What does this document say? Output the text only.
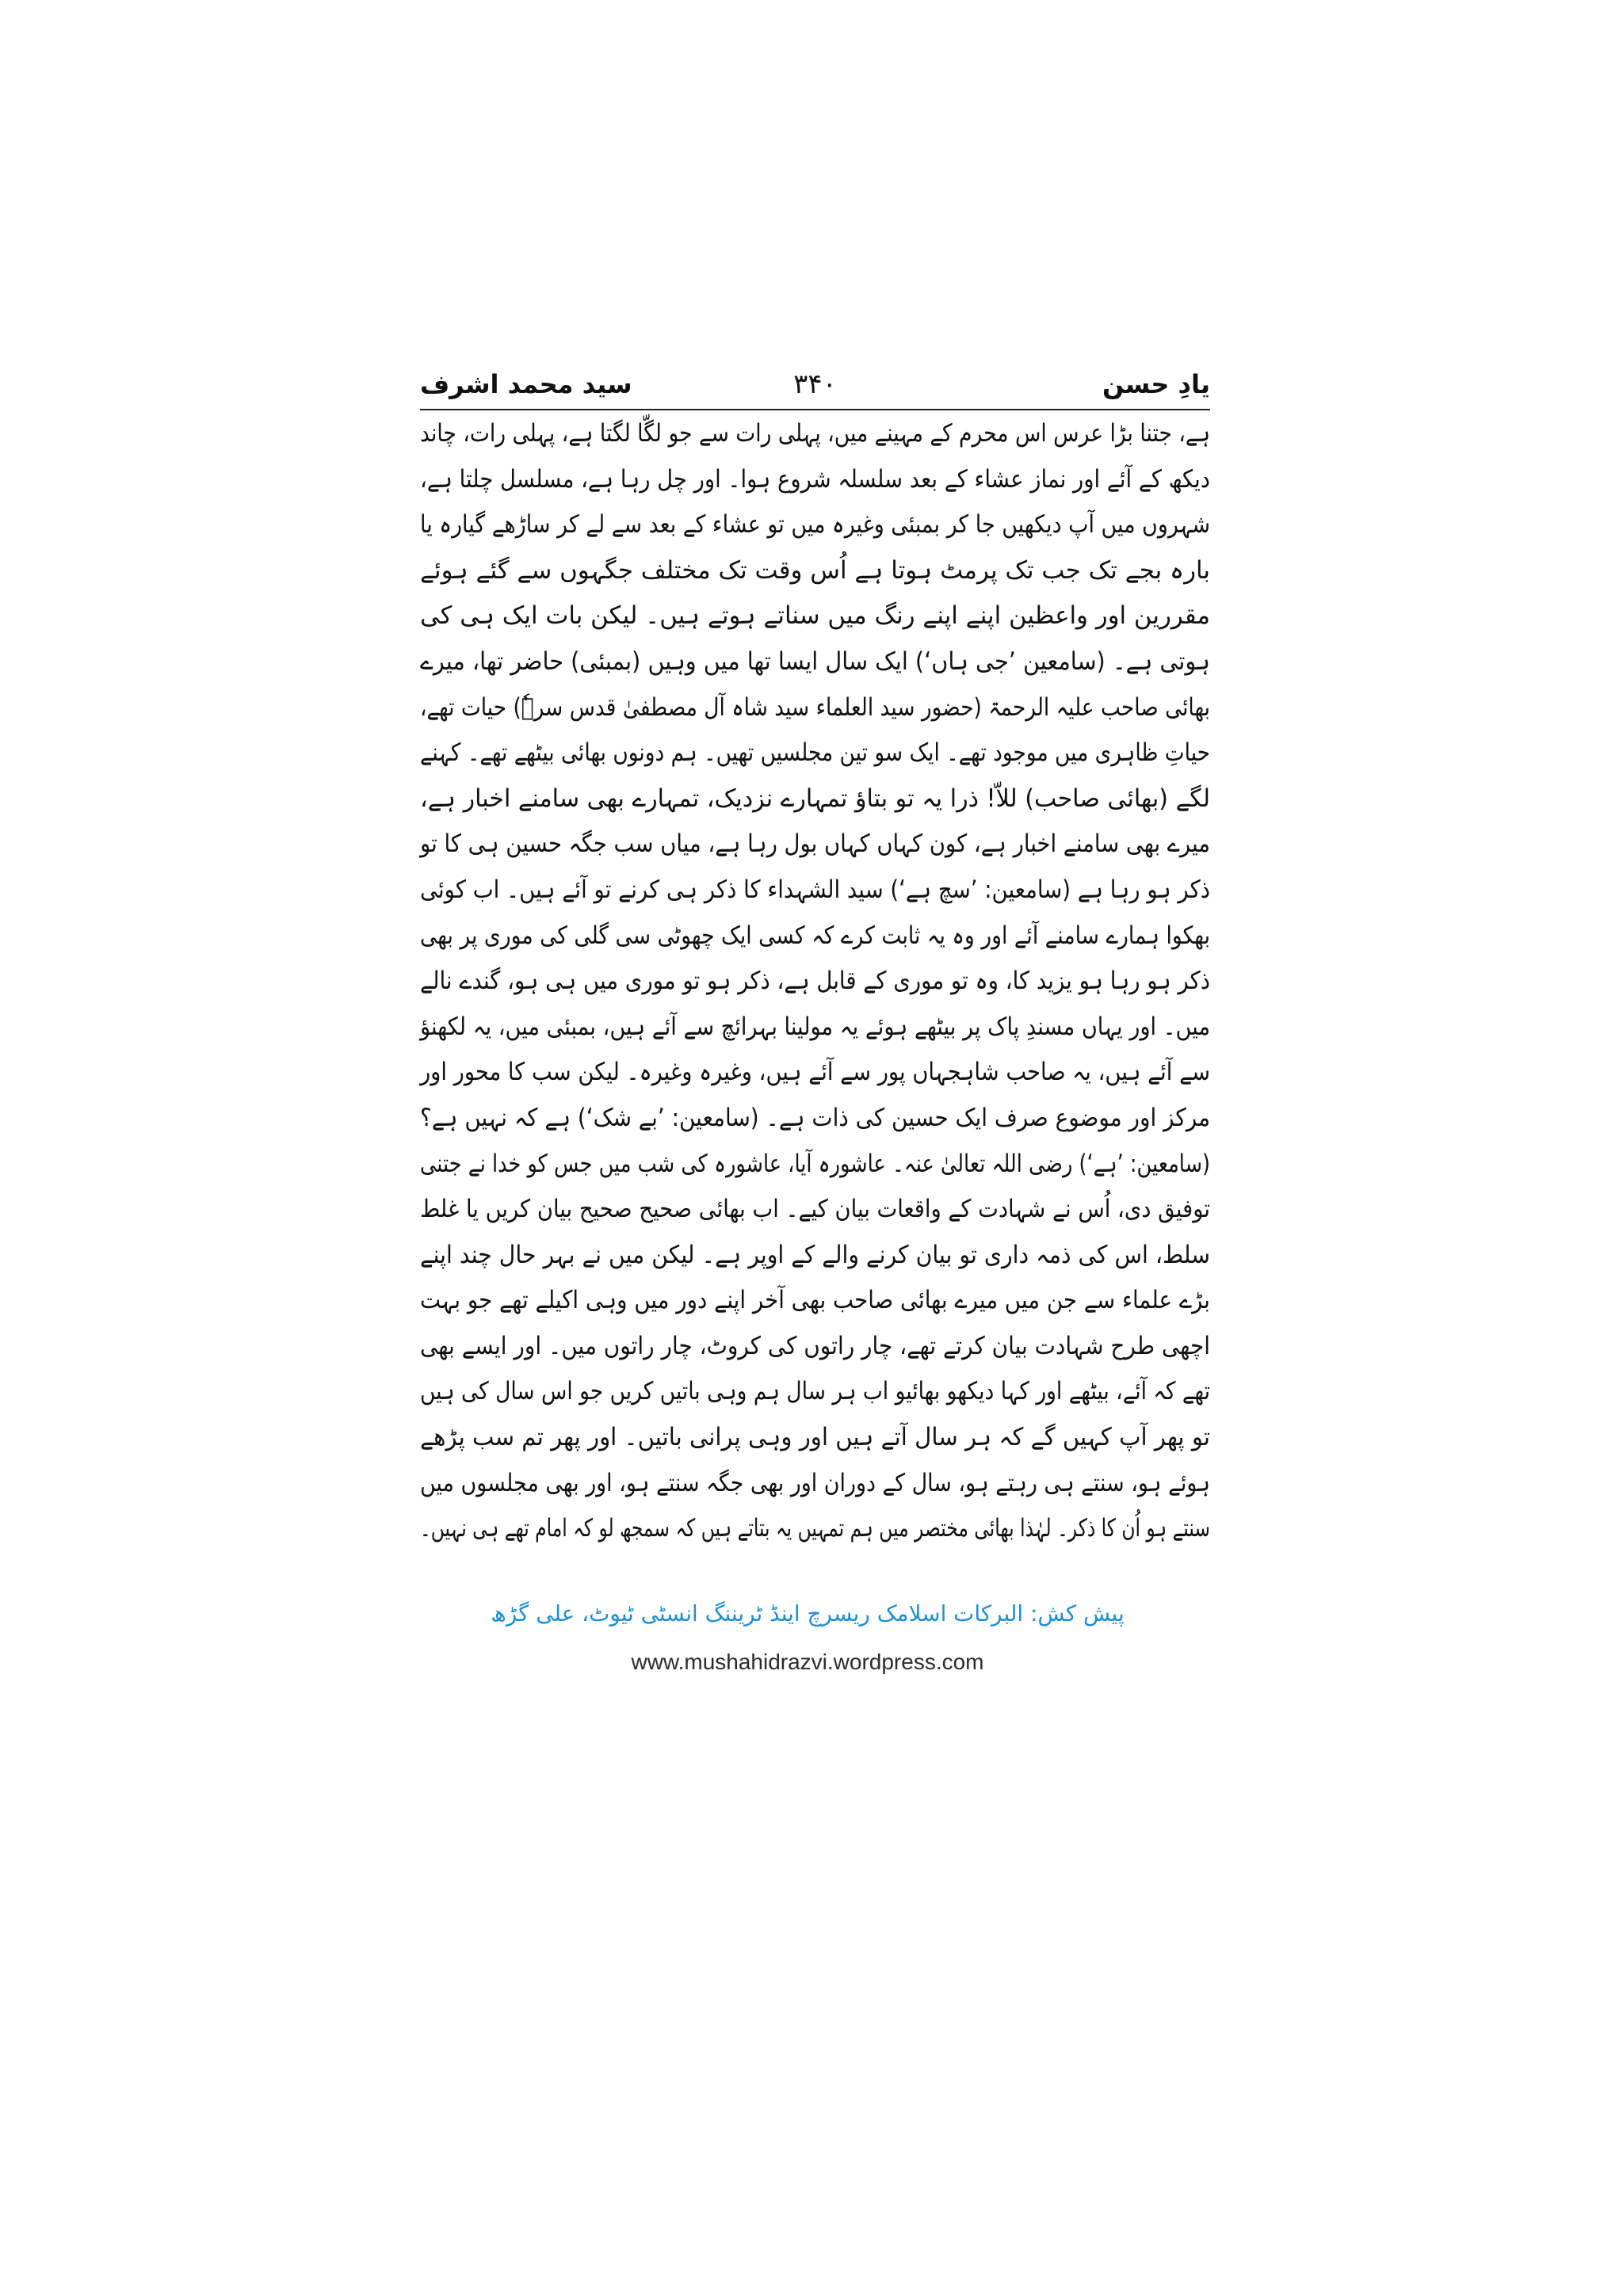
یادِ حسن
۳۴۰
سید محمد اشرف
ہے، جتنا بڑا عرس اس محرم کے مہینے میں، پہلی رات سے جو لگّا لگتا ہے، پہلی رات، چاند
دیکھ کے آئے اور نماز عشاء کے بعد سلسلہ شروع ہوا۔ اور چل رہا ہے، مسلسل چلتا ہے،
شہروں میں آپ دیکھیں جا کر بمبئی وغیرہ میں تو عشاء کے بعد سے لے کر ساڑھے گیارہ یا
بارہ بجے تک جب تک پرمٹ ہوتا ہے اُس وقت تک مختلف جگہوں سے گئے ہوئے
مقررین اور واعظین اپنے اپنے رنگ میں سناتے ہوتے ہیں۔ لیکن بات ایک ہی کی
ہوتی ہے۔ (سامعین ’جی ہاں‘) ایک سال ایسا تھا میں وہیں (بمبئی) حاضر تھا، میرے
بھائی صاحب علیہ الرحمۃ (حضور سید العلماء سید شاہ آل مصطفیٰ قدس سرہٗ) حیات تھے،
حیاتِ ظاہری میں موجود تھے۔ ایک سو تین مجلسیں تھیں۔ ہم دونوں بھائی بیٹھے تھے۔ کہنے
لگے (بھائی صاحب) للاّ! ذرا یہ تو بتاؤ تمہارے نزدیک، تمہارے بھی سامنے اخبار ہے،
میرے بھی سامنے اخبار ہے، کون کہاں کہاں بول رہا ہے، میاں سب جگہ حسین ہی کا تو
ذکر ہو رہا ہے (سامعین: ’سچ ہے‘) سید الشہداء کا ذکر ہی کرنے تو آئے ہیں۔ اب کوئی
بھکوا ہمارے سامنے آئے اور وہ یہ ثابت کرے کہ کسی ایک چھوٹی سی گلی کی موری پر بھی
ذکر ہو رہا ہو یزید کا، وہ تو موری کے قابل ہے، ذکر ہو تو موری میں ہی ہو، گندے نالے
میں۔ اور یہاں مسندِ پاک پر بیٹھے ہوئے یہ مولینا بہرائچ سے آئے ہیں، بمبئی میں، یہ لکھنؤ
سے آئے ہیں، یہ صاحب شاہجہاں پور سے آئے ہیں، وغیرہ وغیرہ۔ لیکن سب کا محور اور
مرکز اور موضوع صرف ایک حسین کی ذات ہے۔ (سامعین: ’بے شک‘) ہے کہ نہیں ہے؟
(سامعین: ’ہے‘) رضی اللہ تعالیٰ عنہ۔ عاشورہ آیا، عاشورہ کی شب میں جس کو خدا نے جتنی
توفیق دی، اُس نے شہادت کے واقعات بیان کیے۔ اب بھائی صحیح صحیح بیان کریں یا غلط
سلط، اس کی ذمہ داری تو بیان کرنے والے کے اوپر ہے۔ لیکن میں نے بہر حال چند اپنے
بڑے علماء سے جن میں میرے بھائی صاحب بھی آخر اپنے دور میں وہی اکیلے تھے جو بہت
اچھی طرح شہادت بیان کرتے تھے، چار راتوں کی کروٹ، چار راتوں میں۔ اور ایسے بھی
تھے کہ آئے، بیٹھے اور کہا دیکھو بھائیو اب ہر سال ہم وہی باتیں کریں جو اس سال کی ہیں
تو پھر آپ کہیں گے کہ ہر سال آتے ہیں اور وہی پرانی باتیں۔ اور پھر تم سب پڑھے
ہوئے ہو، سنتے ہی رہتے ہو، سال کے دوران اور بھی جگہ سنتے ہو، اور بھی مجلسوں میں
سنتے ہو اُن کا ذکر۔ لہٰذا بھائی مختصر میں ہم تمہیں یہ بتاتے ہیں کہ سمجھ لو کہ امام تھے ہی نہیں۔
پیش کش: البرکات اسلامک ریسرچ اینڈ ٹریننگ انسٹی ٹیوٹ، علی گڑھ
www.mushahidrazvi.wordpress.com
